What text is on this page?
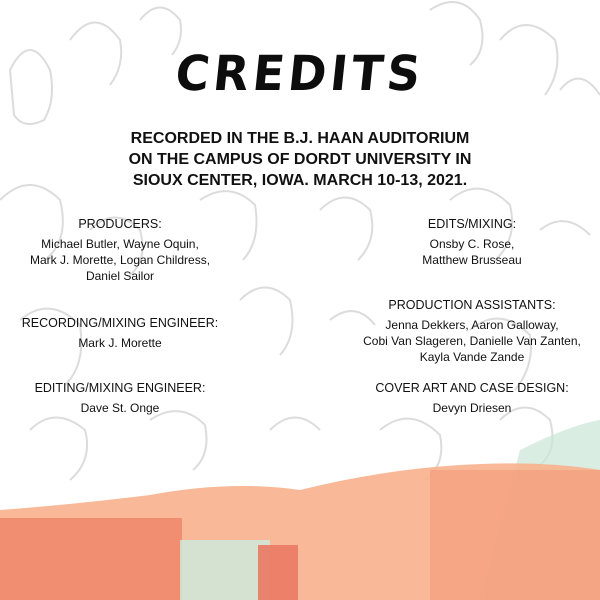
CREDITS
RECORDED IN THE B.J. HAAN AUDITORIUM
ON THE CAMPUS OF DORDT UNIVERSITY IN
SIOUX CENTER, IOWA. MARCH 10-13, 2021.
PRODUCERS:
Michael Butler, Wayne Oquin,
Mark J. Morette, Logan Childress,
Daniel Sailor
RECORDING/MIXING ENGINEER:
Mark J. Morette
EDITING/MIXING ENGINEER:
Dave St. Onge
EDITS/MIXING:
Onsby C. Rose,
Matthew Brusseau
PRODUCTION ASSISTANTS:
Jenna Dekkers, Aaron Galloway,
Cobi Van Slageren, Danielle Van Zanten,
Kayla Vande Zande
COVER ART AND CASE DESIGN:
Devyn Driesen
